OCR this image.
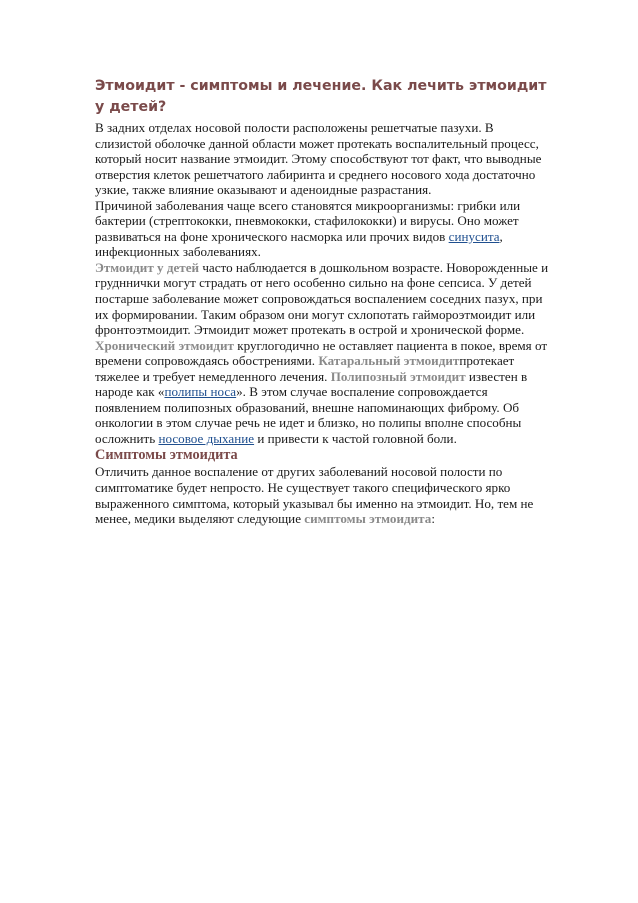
Этмоидит - симптомы и лечение. Как лечить этмоидит у детей?
В задних отделах носовой полости расположены решетчатые пазухи. В слизистой оболочке данной области может протекать воспалительный процесс, который носит название этмоидит. Этому способствуют тот факт, что выводные отверстия клеток решетчатого лабиринта и среднего носового хода достаточно узкие, также влияние оказывают и аденоидные разрастания.
Причиной заболевания чаще всего становятся микроорганизмы: грибки или бактерии (стрептококки, пневмококки, стафилококки) и вирусы. Оно может развиваться на фоне хронического насморка или прочих видов синусита, инфекционных заболеваниях.
Этмоидит у детей часто наблюдается в дошкольном возрасте. Новорожденные и грудннички могут страдать от него особенно сильно на фоне сепсиса. У детей постарше заболевание может сопровождаться воспалением соседних пазух, при их формировании. Таким образом они могут схлопотать гаймороэтмоидит или фронтоэтмоидит. Этмоидит может протекать в острой и хронической форме. Хронический этмоидит круглогодично не оставляет пациента в покое, время от времени сопровождаясь обострениями. Катаральный этмоидитпротекает тяжелее и требует немедленного лечения. Полипозный этмоидит известен в народе как «полипы носа». В этом случае воспаление сопровождается появлением полипозных образований, внешне напоминающих фиброму. Об онкологии в этом случае речь не идет и близко, но полипы вполне способны осложнить носовое дыхание и привести к частой головной боли.
Симптомы этмоидита
Отличить данное воспаление от других заболеваний носовой полости по симптоматике будет непросто. Не существует такого специфического ярко выраженного симптома, который указывал бы именно на этмоидит. Но, тем не менее, медики выделяют следующие симптомы этмоидита:
